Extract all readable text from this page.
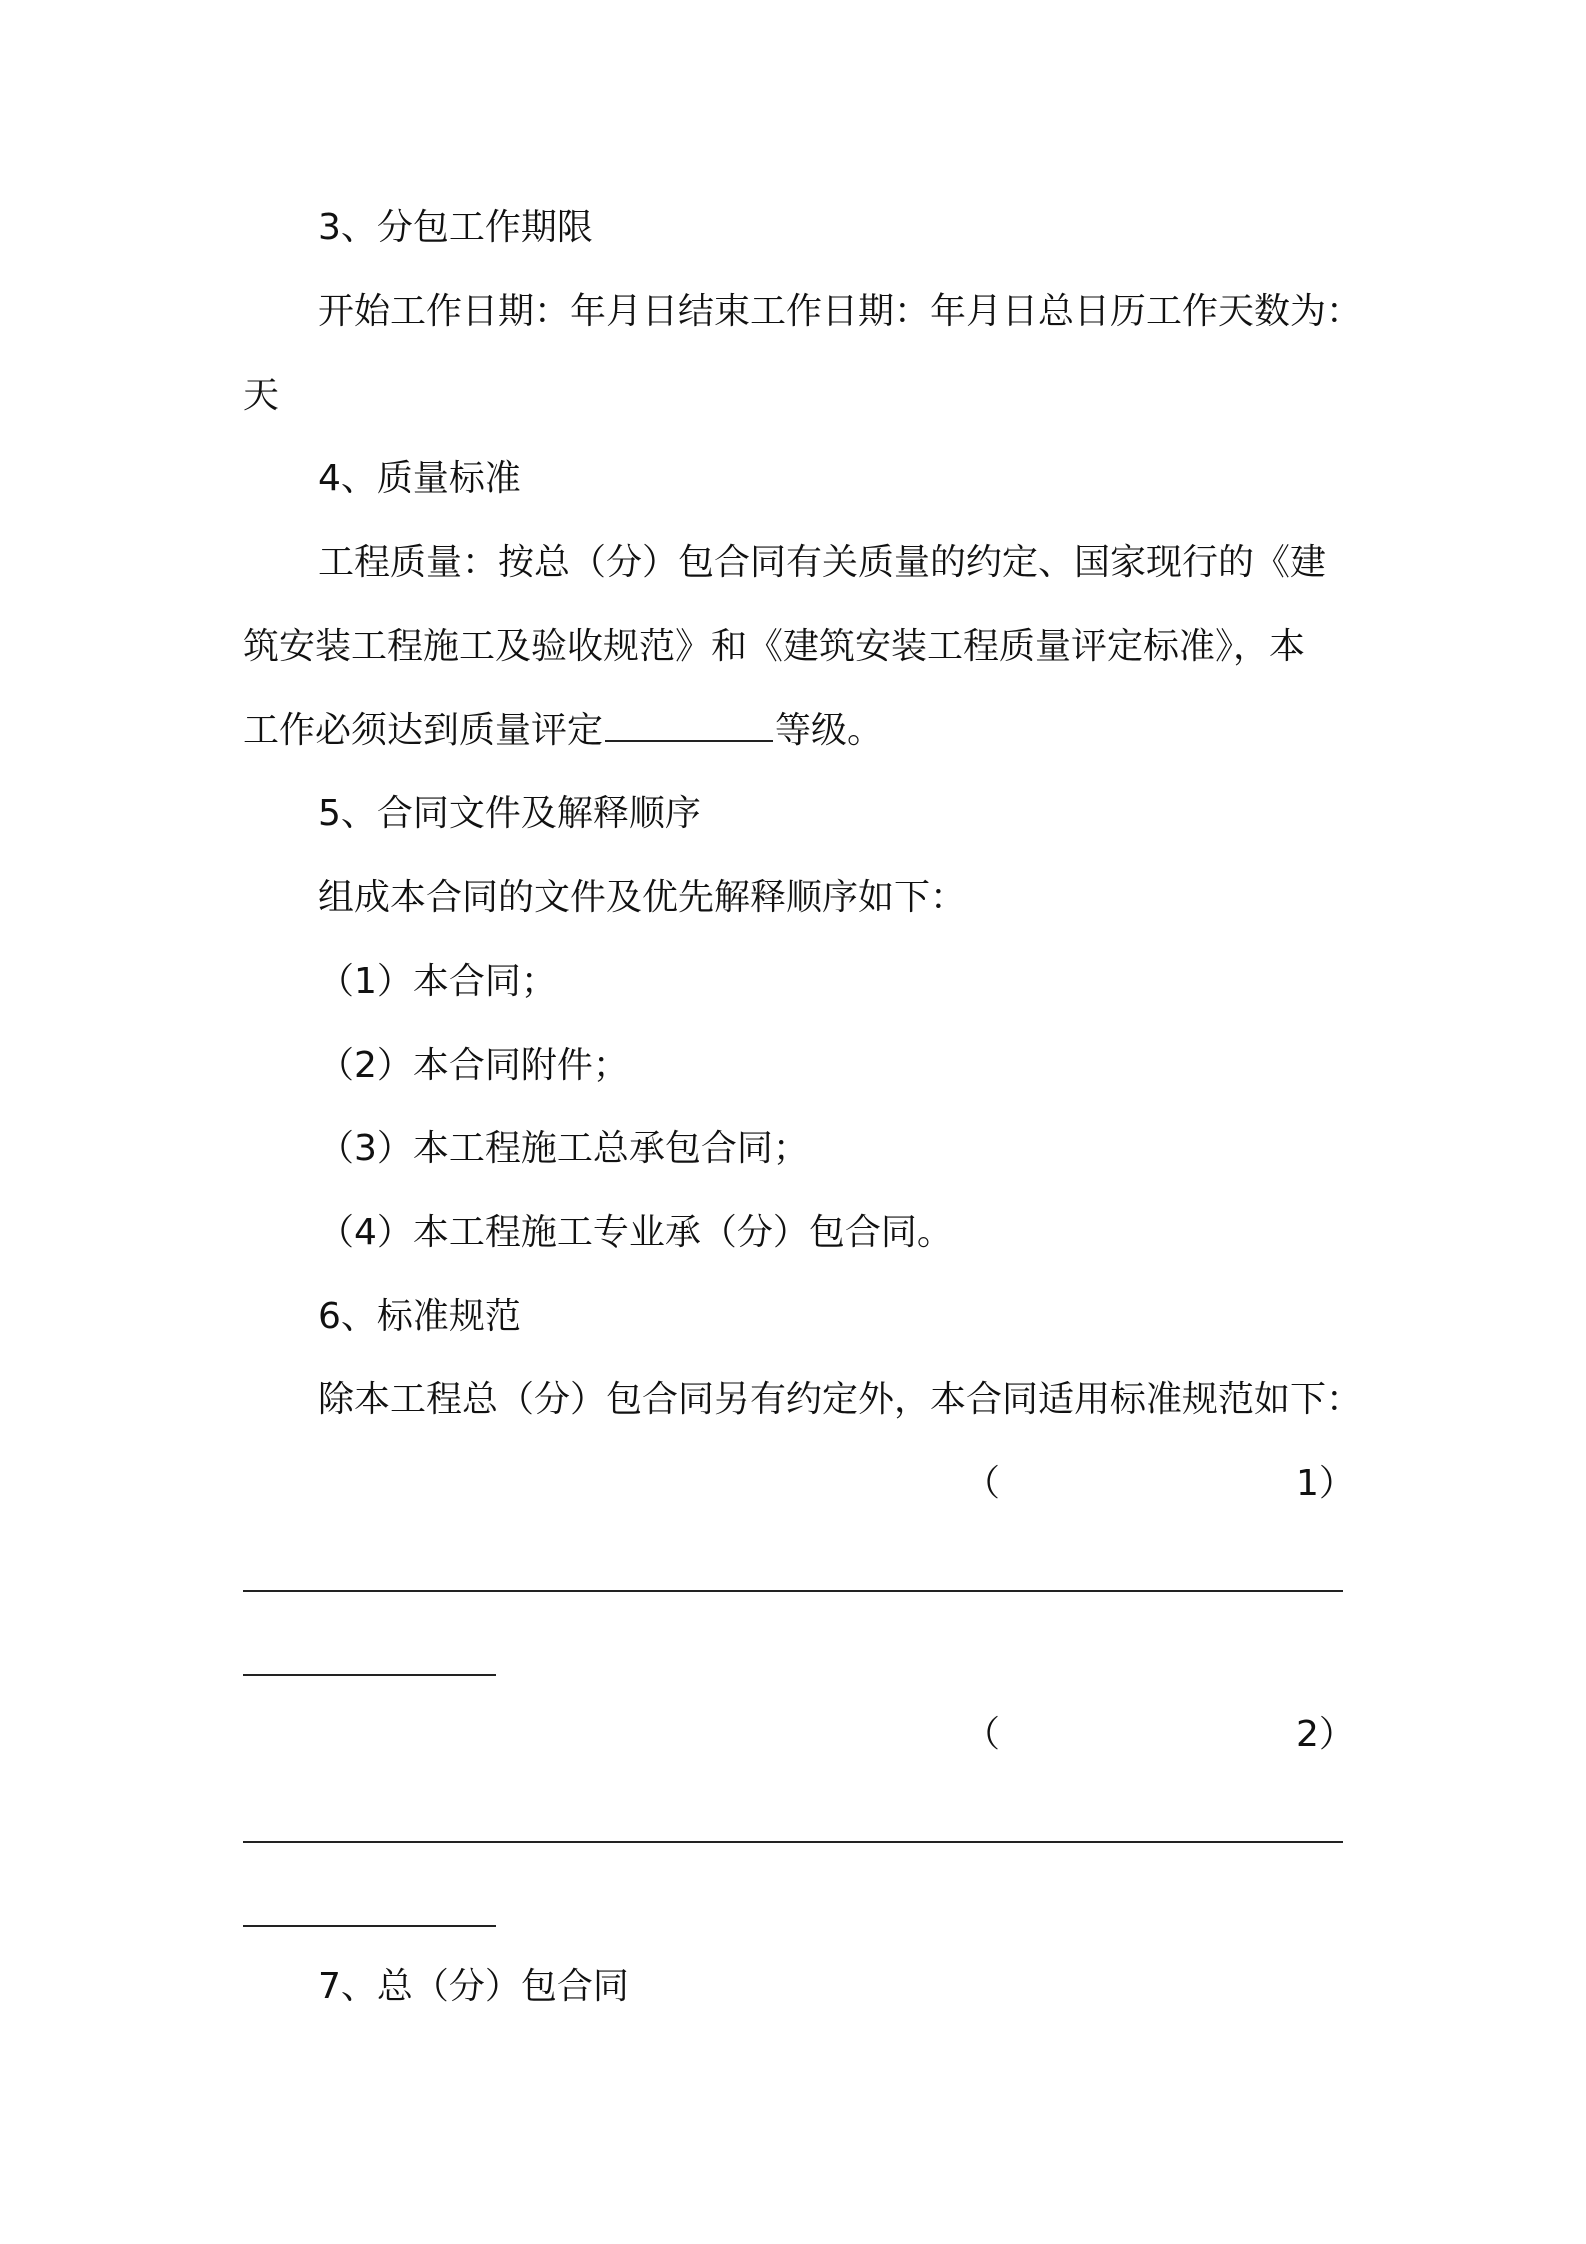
3、分包工作期限
开始工作日期：年月日结束工作日期：年月日总日历工作天数为：
天
4、质量标准
工程质量：按总（分）包合同有关质量的约定、国家现行的《建
筑安装工程施工及验收规范》和《建筑安装工程质量评定标准》，本
工作必须达到质量评定	等级。
5、合同文件及解释顺序
组成本合同的文件及优先解释顺序如下：
（1）本合同；
（2）本合同附件；
（3）本工程施工总承包合同；
（4）本工程施工专业承（分）包合同。
6、标准规范
除本工程总（分）包合同另有约定外，本合同适用标准规范如下：
（	1）
（	2）
7、总（分）包合同
